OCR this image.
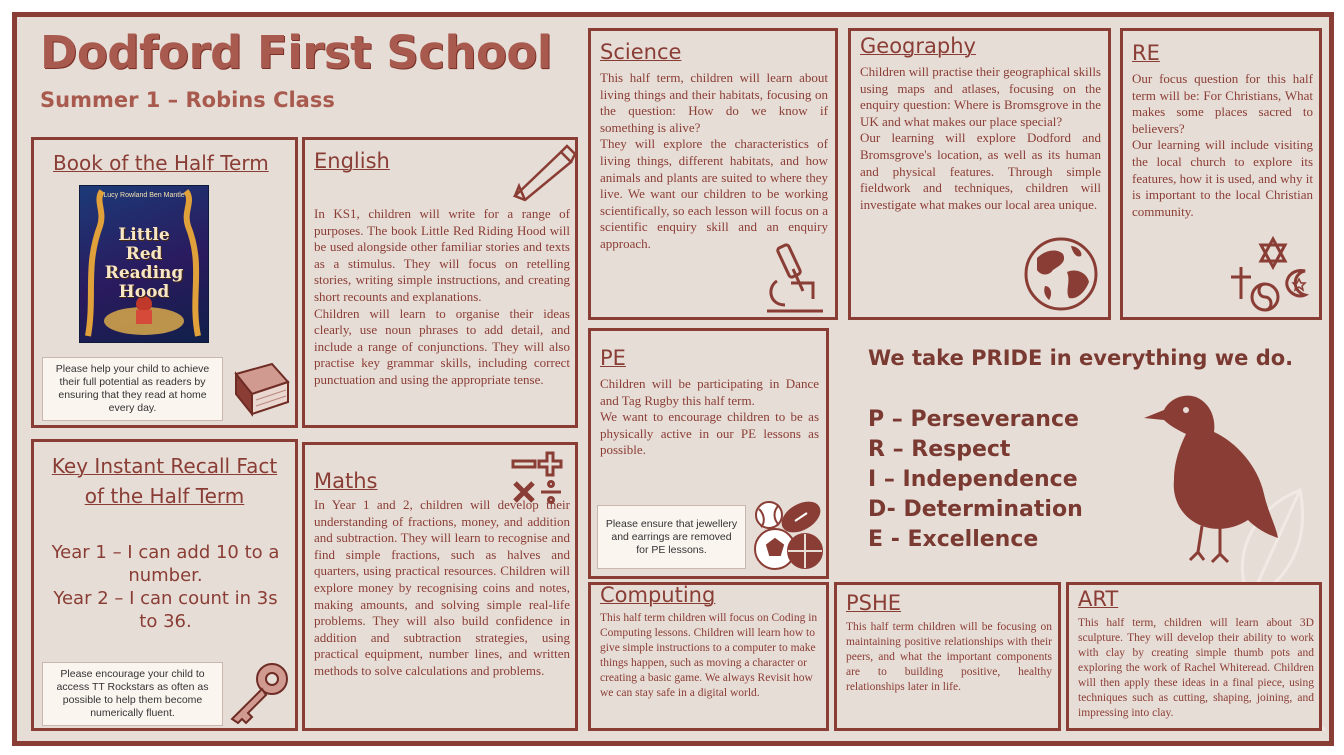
Dodford First School
Summer 1 – Robins Class
Book of the Half Term
Lucy Rowland Ben Mantle
Little Red Reading Hood
Please help your child to achieve their full potential as readers by ensuring that they read at home every day.
English

In KS1, children will write for a range of purposes. The book Little Red Riding Hood will be used alongside other familiar stories and texts as a stimulus. They will focus on retelling stories, writing simple instructions, and creating short recounts and explanations.

Children will learn to organise their ideas clearly, use noun phrases to add detail, and include a range of conjunctions. They will also practise key grammar skills, including correct punctuation and using the appropriate tense.

Science

This half term, children will learn about living things and their habitats, focusing on the question: How do we know if something is alive?

They will explore the characteristics of living things, different habitats, and how animals and plants are suited to where they live. We want our children to be working scientifically, so each lesson will focus on a scientific enquiry skill and an enquiry approach.

Geography

Children will practise their geographical skills using maps and atlases, focusing on the enquiry question: Where is Bromsgrove in the UK and what makes our place special?

Our learning will explore Dodford and Bromsgrove's location, as well as its human and physical features. Through simple fieldwork and techniques, children will investigate what makes our local area unique.

RE

Our focus question for this half term will be: For Christians, What makes some places sacred to believers?

Our learning will include visiting the local church to explore its features, how it is used, and why it is important to the local Christian community.

PE

Children will be participating in Dance and Tag Rugby this half term.

We want to encourage children to be as physically active in our PE lessons as possible.

Please ensure that jewellery and earrings are removed for PE lessons.
We take PRIDE in everything we do.
P – Perseverance
R – Respect
I – Independence
D- Determination
E - Excellence
Key Instant Recall Fact
of the Half Term

Year 1 – I can add 10 to a number.

Year 2 – I can count in 3s to 36.

Please encourage your child to access TT Rockstars as often as possible to help them become numerically fluent.
Maths
In Year 1 and 2, children will develop their understanding of fractions, money, and addition and subtraction. They will learn to recognise and find simple fractions, such as halves and quarters, using practical resources. Children will explore money by recognising coins and notes, making amounts, and solving simple real-life problems. They will also build confidence in addition and subtraction strategies, using practical equipment, number lines, and written methods to solve calculations and problems.
Computing
This half term children will focus on Coding in Computing lessons. Children will learn how to give simple instructions to a computer to make things happen, such as moving a character or creating a basic game. We always Revisit how we can stay safe in a digital world.
PSHE
This half term children will be focusing on maintaining positive relationships with their peers, and what the important components are to building positive, healthy relationships later in life.
ART
This half term, children will learn about 3D sculpture. They will develop their ability to work with clay by creating simple thumb pots and exploring the work of Rachel Whiteread. Children will then apply these ideas in a final piece, using techniques such as cutting, shaping, joining, and impressing into clay.
